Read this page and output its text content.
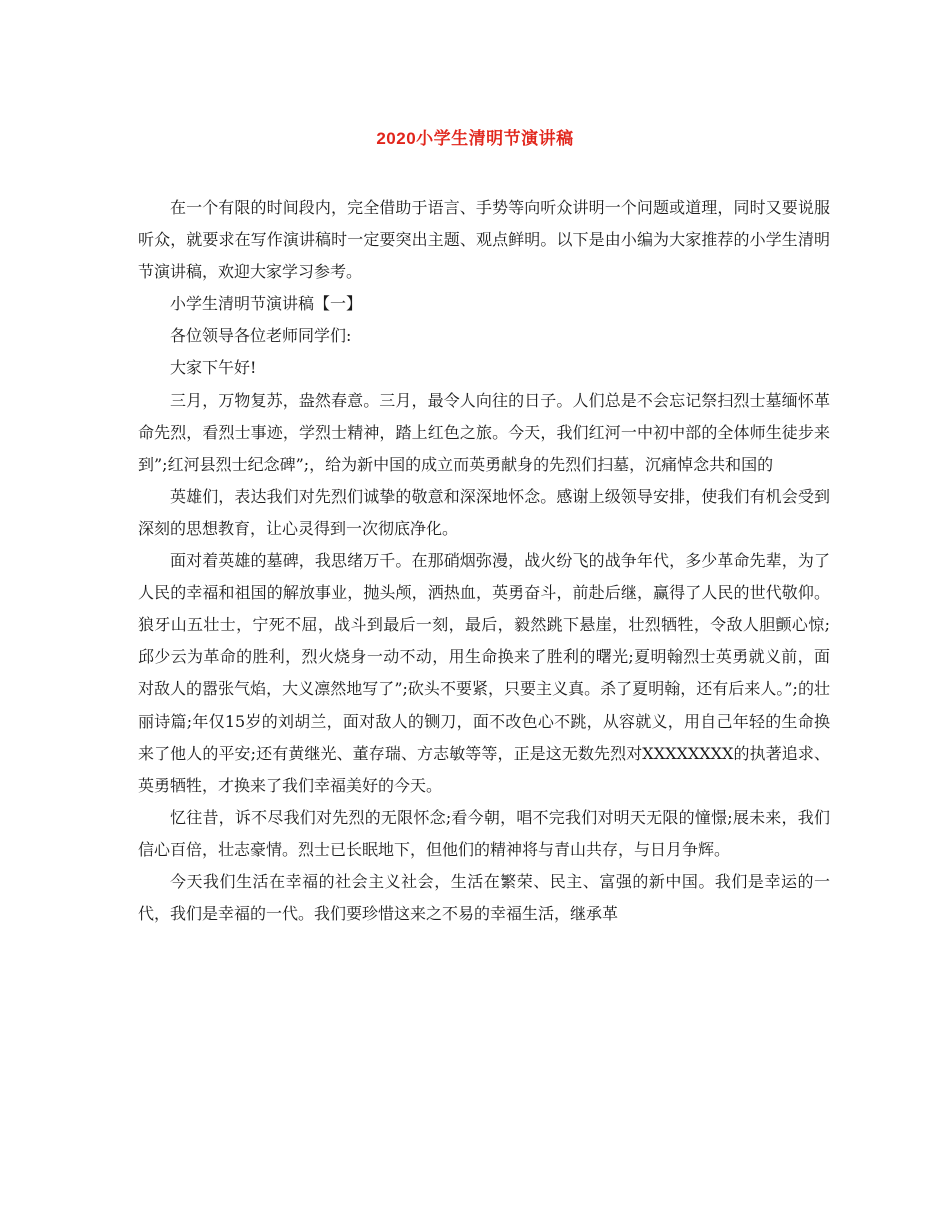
2020小学生清明节演讲稿

在一个有限的时间段内，完全借助于语言、手势等向听众讲明一个问题或道理，同时又要说服听众，就要求在写作演讲稿时一定要突出主题、观点鲜明。以下是由小编为大家推荐的小学生清明节演讲稿，欢迎大家学习参考。

小学生清明节演讲稿【一】

各位领导各位老师同学们:

大家下午好!

三月，万物复苏，盎然春意。三月，最令人向往的日子。人们总是不会忘记祭扫烈士墓缅怀革命先烈，看烈士事迹，学烈士精神，踏上红色之旅。今天，我们红河一中初中部的全体师生徒步来到”;红河县烈士纪念碑”;，给为新中国的成立而英勇献身的先烈们扫墓，沉痛悼念共和国的

英雄们，表达我们对先烈们诚挚的敬意和深深地怀念。感谢上级领导安排，使我们有机会受到深刻的思想教育，让心灵得到一次彻底净化。

面对着英雄的墓碑，我思绪万千。在那硝烟弥漫，战火纷飞的战争年代，多少革命先辈，为了人民的幸福和祖国的解放事业，抛头颅，洒热血，英勇奋斗，前赴后继，赢得了人民的世代敬仰。狼牙山五壮士，宁死不屈，战斗到最后一刻，最后，毅然跳下悬崖，壮烈牺牲，令敌人胆颤心惊;邱少云为革命的胜利，烈火烧身一动不动，用生命换来了胜利的曙光;夏明翰烈士英勇就义前，面对敌人的嚣张气焰，大义凛然地写了”;砍头不要紧，只要主义真。杀了夏明翰，还有后来人。”;的壮丽诗篇;年仅15岁的刘胡兰，面对敌人的铡刀，面不改色心不跳，从容就义，用自己年轻的生命换来了他人的平安;还有黄继光、董存瑞、方志敏等等，正是这无数先烈对XXXXXXXX的执著追求、英勇牺牲，才换来了我们幸福美好的今天。

忆往昔，诉不尽我们对先烈的无限怀念;看今朝，唱不完我们对明天无限的憧憬;展未来，我们信心百倍，壮志豪情。烈士已长眠地下，但他们的精神将与青山共存，与日月争辉。

今天我们生活在幸福的社会主义社会，生活在繁荣、民主、富强的新中国。我们是幸运的一代，我们是幸福的一代。我们要珍惜这来之不易的幸福生活，继承革
